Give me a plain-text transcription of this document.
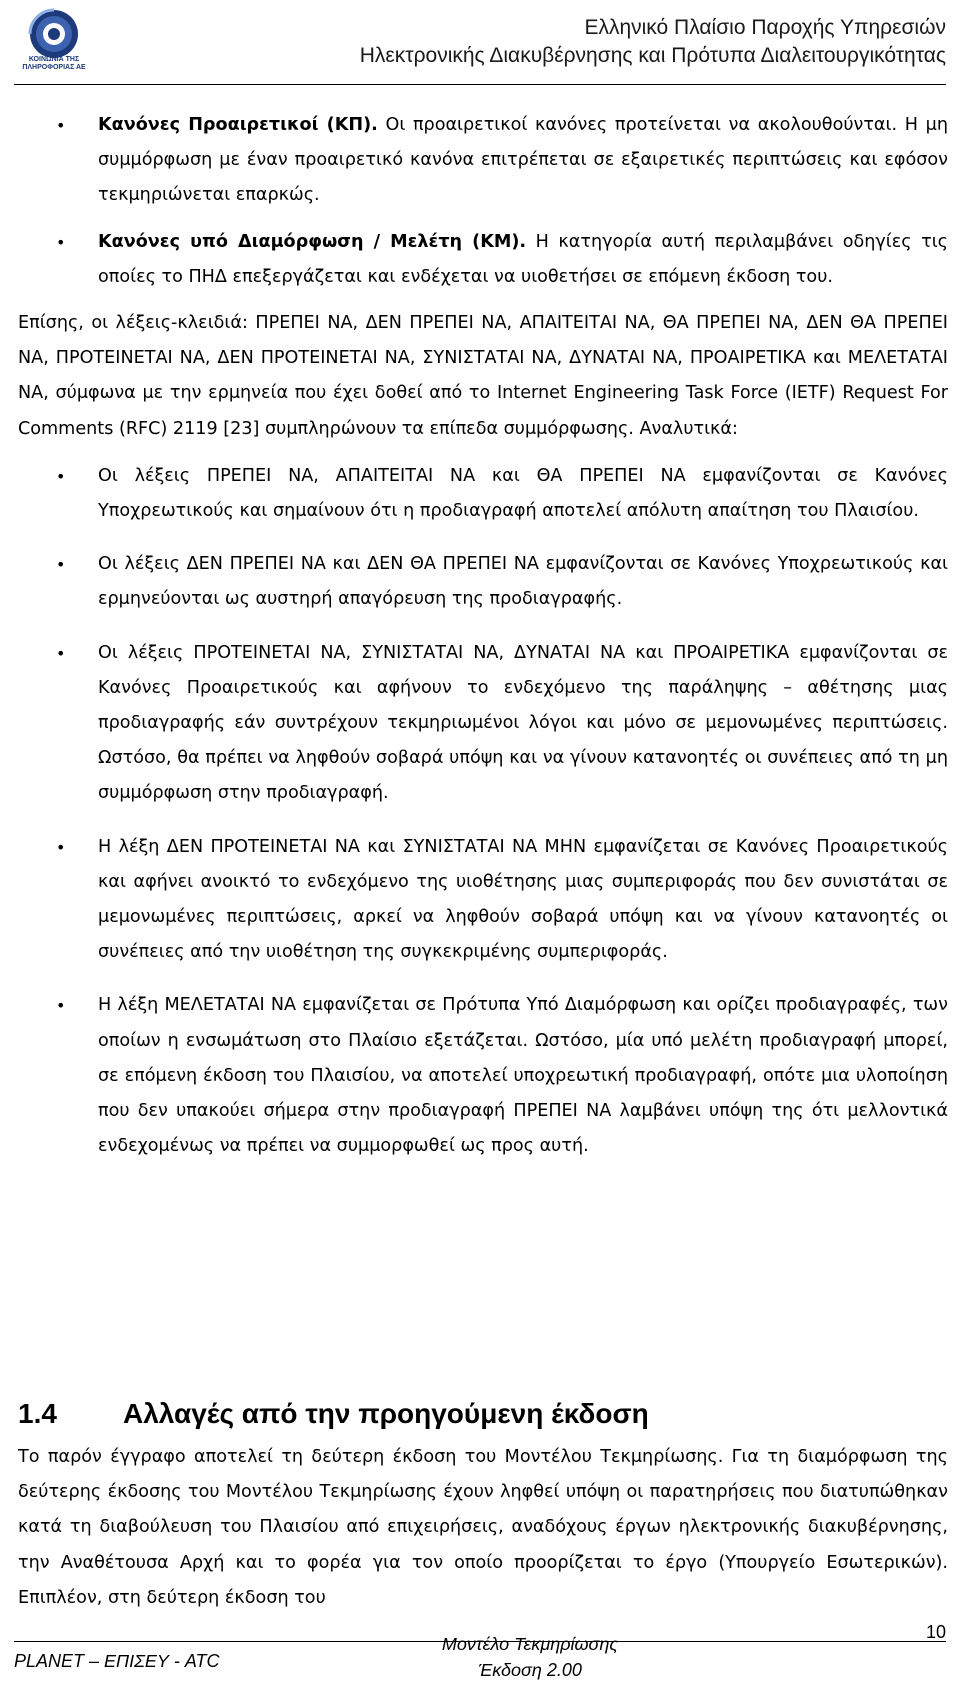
ΚΟΙΝΩΝΙΑ ΤΗΣ ΠΛΗΡΟΦΟΡΙΑΣ ΑΕ
Ελληνικό Πλαίσιο Παροχής Υπηρεσιών
Ηλεκτρονικής Διακυβέρνησης και Πρότυπα Διαλειτουργικότητας
• Κανόνες Προαιρετικοί (ΚΠ). Οι προαιρετικοί κανόνες προτείνεται να ακολουθούνται. Η μη συμμόρφωση με έναν προαιρετικό κανόνα επιτρέπεται σε εξαιρετικές περιπτώσεις και εφόσον τεκμηριώνεται επαρκώς.
• Κανόνες υπό Διαμόρφωση / Μελέτη (ΚΜ). Η κατηγορία αυτή περιλαμβάνει οδηγίες τις οποίες το ΠΗΔ επεξεργάζεται και ενδέχεται να υιοθετήσει σε επόμενη έκδοση του.

Επίσης, οι λέξεις-κλειδιά: ΠΡΕΠΕΙ ΝΑ, ΔΕΝ ΠΡΕΠΕΙ ΝΑ, ΑΠΑΙΤΕΙΤΑΙ ΝΑ, ΘΑ ΠΡΕΠΕΙ ΝΑ, ΔΕΝ ΘΑ ΠΡΕΠΕΙ ΝΑ, ΠΡΟΤΕΙΝΕΤΑΙ ΝΑ, ΔΕΝ ΠΡΟΤΕΙΝΕΤΑΙ ΝΑ, ΣΥΝΙΣΤΑΤΑΙ ΝΑ, ΔΥΝΑΤΑΙ ΝΑ, ΠΡΟΑΙΡΕΤΙΚΑ και ΜΕΛΕΤΑΤΑΙ ΝΑ, σύμφωνα με την ερμηνεία που έχει δοθεί από το Internet Engineering Task Force (IETF) Request For Comments (RFC) 2119 [23] συμπληρώνουν τα επίπεδα συμμόρφωσης. Αναλυτικά:

• Οι λέξεις ΠΡΕΠΕΙ ΝΑ, ΑΠΑΙΤΕΙΤΑΙ ΝΑ και ΘΑ ΠΡΕΠΕΙ ΝΑ εμφανίζονται σε Κανόνες Υποχρεωτικούς και σημαίνουν ότι η προδιαγραφή αποτελεί απόλυτη απαίτηση του Πλαισίου.
• Οι λέξεις ΔΕΝ ΠΡΕΠΕΙ ΝΑ και ΔΕΝ ΘΑ ΠΡΕΠΕΙ ΝΑ εμφανίζονται σε Κανόνες Υποχρεωτικούς και ερμηνεύονται ως αυστηρή απαγόρευση της προδιαγραφής.
• Οι λέξεις ΠΡΟΤΕΙΝΕΤΑΙ ΝΑ, ΣΥΝΙΣΤΑΤΑΙ ΝΑ, ΔΥΝΑΤΑΙ ΝΑ και ΠΡΟΑΙΡΕΤΙΚΑ εμφανίζονται σε Κανόνες Προαιρετικούς και αφήνουν το ενδεχόμενο της παράληψης – αθέτησης μιας προδιαγραφής εάν συντρέχουν τεκμηριωμένοι λόγοι και μόνο σε μεμονωμένες περιπτώσεις. Ωστόσο, θα πρέπει να ληφθούν σοβαρά υπόψη και να γίνουν κατανοητές οι συνέπειες από τη μη συμμόρφωση στην προδιαγραφή.
• Η λέξη ΔΕΝ ΠΡΟΤΕΙΝΕΤΑΙ ΝΑ και ΣΥΝΙΣΤΑΤΑΙ ΝΑ ΜΗΝ εμφανίζεται σε Κανόνες Προαιρετικούς και αφήνει ανοικτό το ενδεχόμενο της υιοθέτησης μιας συμπεριφοράς που δεν συνιστάται σε μεμονωμένες περιπτώσεις, αρκεί να ληφθούν σοβαρά υπόψη και να γίνουν κατανοητές οι συνέπειες από την υιοθέτηση της συγκεκριμένης συμπεριφοράς.
• Η λέξη ΜΕΛΕΤΑΤΑΙ ΝΑ εμφανίζεται σε Πρότυπα Υπό Διαμόρφωση και ορίζει προδιαγραφές, των οποίων η ενσωμάτωση στο Πλαίσιο εξετάζεται. Ωστόσο, μία υπό μελέτη προδιαγραφή μπορεί, σε επόμενη έκδοση του Πλαισίου, να αποτελεί υποχρεωτική προδιαγραφή, οπότε μια υλοποίηση που δεν υπακούει σήμερα στην προδιαγραφή ΠΡΕΠΕΙ ΝΑ λαμβάνει υπόψη της ότι μελλοντικά ενδεχομένως να πρέπει να συμμορφωθεί ως προς αυτή.
1.4 Αλλαγές από την προηγούμενη έκδοση
Το παρόν έγγραφο αποτελεί τη δεύτερη έκδοση του Μοντέλου Τεκμηρίωσης. Για τη διαμόρφωση της δεύτερης έκδοσης του Μοντέλου Τεκμηρίωσης έχουν ληφθεί υπόψη οι παρατηρήσεις που διατυπώθηκαν κατά τη διαβούλευση του Πλαισίου από επιχειρήσεις, αναδόχους έργων ηλεκτρονικής διακυβέρνησης, την Αναθέτουσα Αρχή και το φορέα για τον οποίο προορίζεται το έργο (Υπουργείο Εσωτερικών). Επιπλέον, στη δεύτερη έκδοση του
PLANET – ΕΠΙΣΕΥ - ATC
Μοντέλο Τεκμηρίωσης
Έκδοση 2.00
10
